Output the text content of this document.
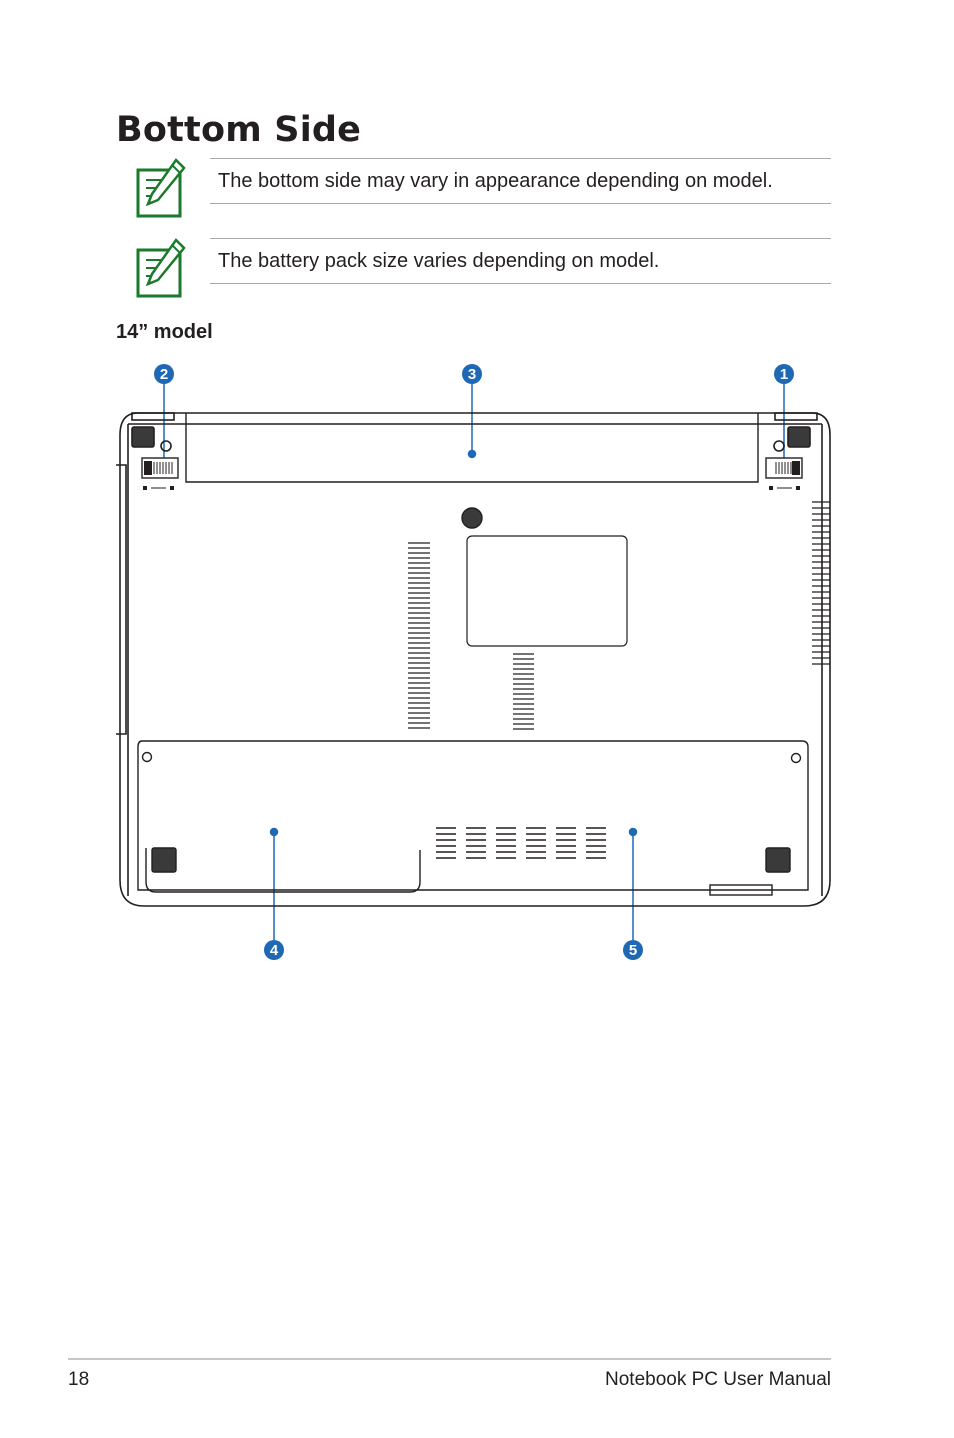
Bottom Side
The bottom side may vary in appearance depending on model.
The battery pack size varies depending on model.
14” model
2	3	1
4	5
18	Notebook PC User Manual
